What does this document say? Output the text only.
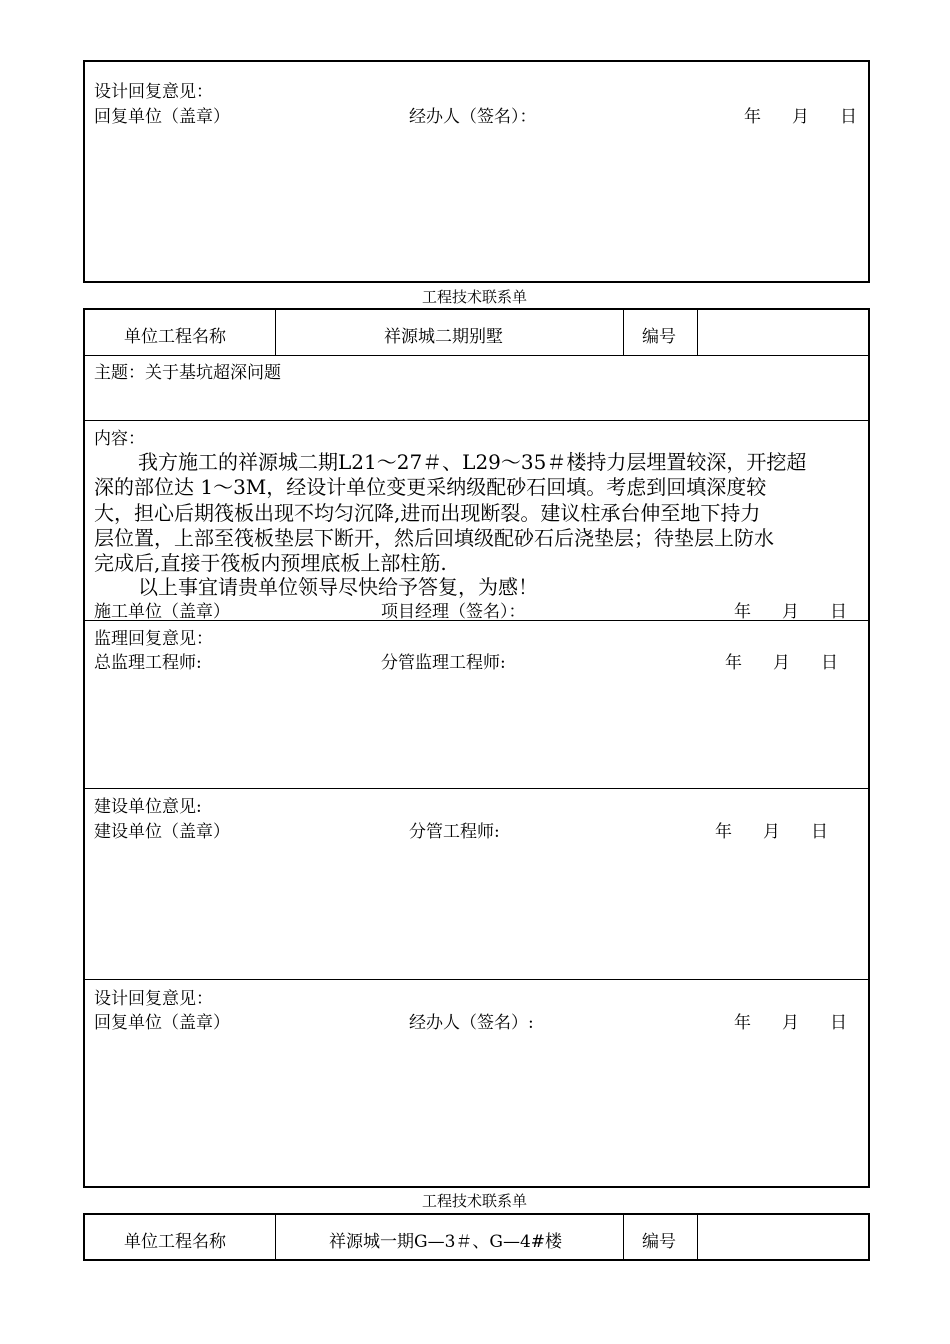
设计回复意见：
回复单位（盖章）	经办人（签名）：	年 月 日
工程技术联系单
单位工程名称	祥源城二期别墅	编号
主题：关于基坑超深问题
内容：
我方施工的祥源城二期L21～27＃、L29～35＃楼持力层埋置较深，开挖超
深的部位达 1～3M，经设计单位变更采纳级配砂石回填。考虑到回填深度较
大，担心后期筏板出现不均匀沉降,进而出现断裂。建议柱承台伸至地下持力
层位置，上部至筏板垫层下断开，然后回填级配砂石后浇垫层；待垫层上防水
完成后,直接于筏板内预埋底板上部柱筋.
以上事宜请贵单位领导尽快给予答复，为感！
施工单位（盖章）	项目经理（签名）：	年 月 日
监理回复意见：
总监理工程师:	分管监理工程师:	年 月 日
建设单位意见:
建设单位（盖章）	分管工程师:	年 月 日
设计回复意见：
回复单位（盖章）	经办人（签名）:	年 月 日
工程技术联系单
单位工程名称	祥源城一期G—3＃、G—4#楼	编号
